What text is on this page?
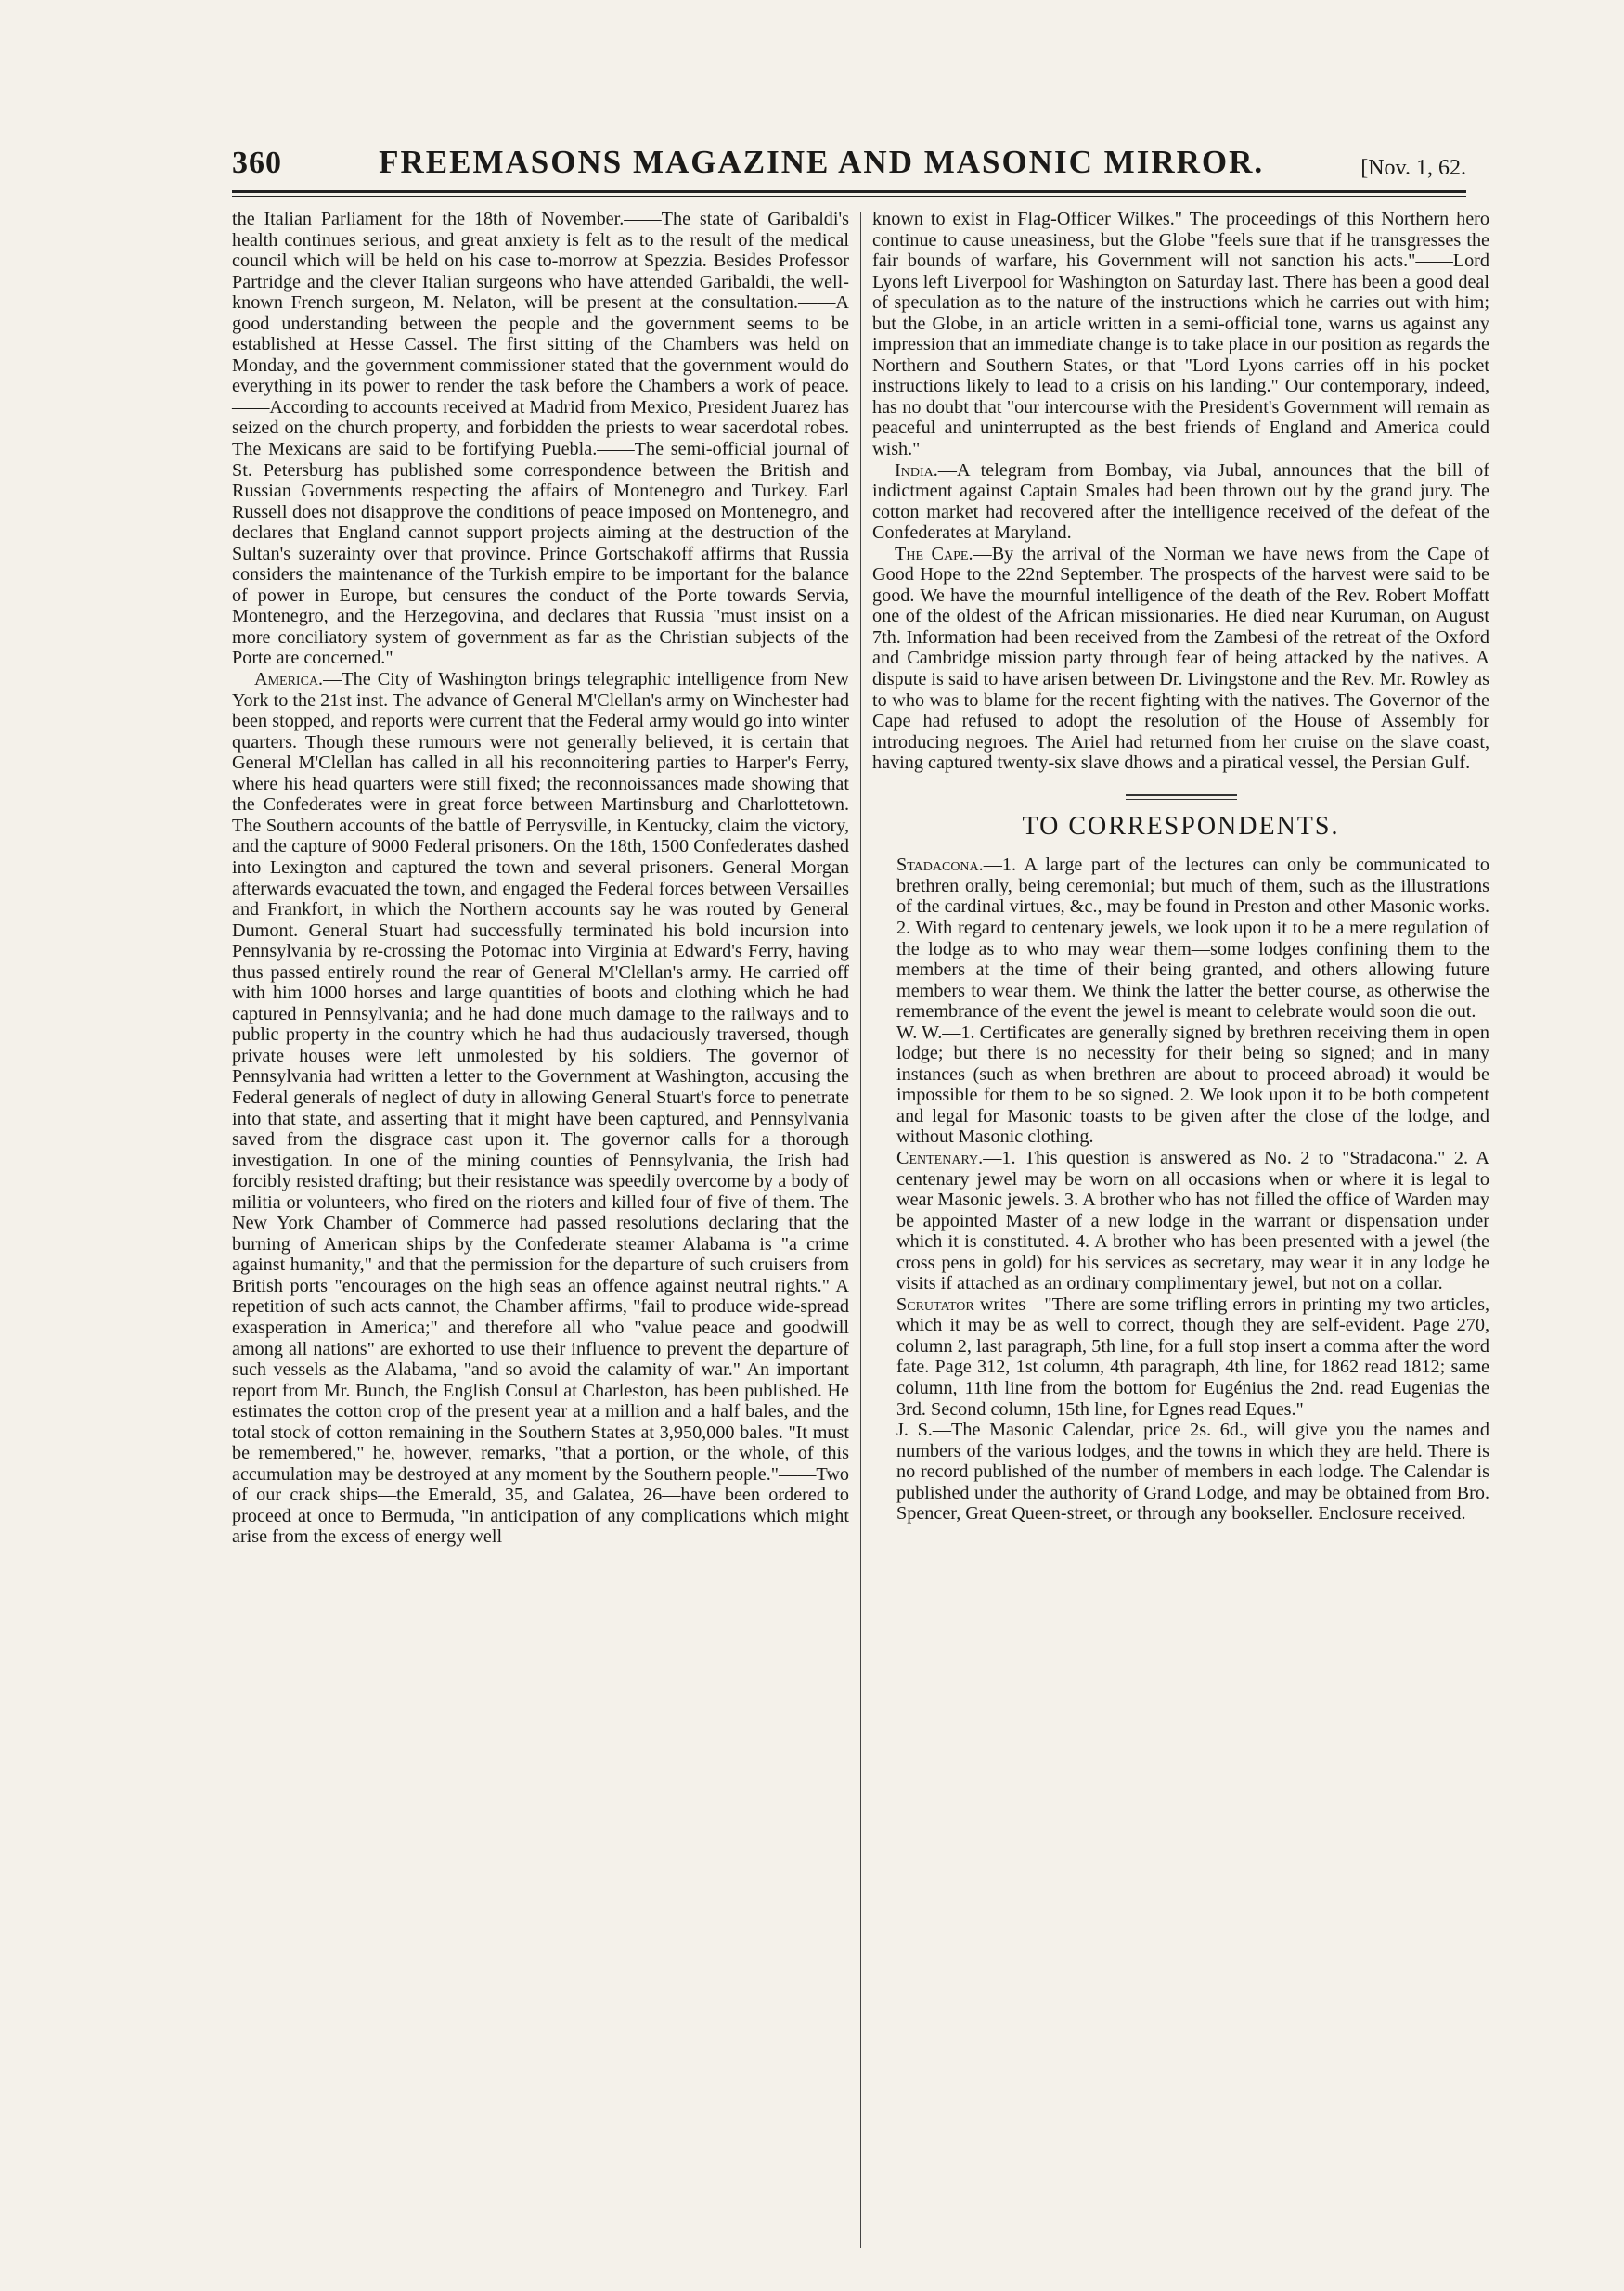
360	FREEMASONS MAGAZINE AND MASONIC MIRROR.	[Nov. 1, 62.

the Italian Parliament for the 18th of November.——The state of Garibaldi's health continues serious, and great anxiety is felt as to the result of the medical council which will be held on his case to-morrow at Spezzia. Besides Professor Partridge and the clever Italian surgeons who have attended Garibaldi, the well-known French surgeon, M. Nelaton, will be present at the consultation.——A good understanding between the people and the government seems to be established at Hesse Cassel. The first sitting of the Chambers was held on Monday, and the government commissioner stated that the government would do everything in its power to render the task before the Chambers a work of peace.——According to accounts received at Madrid from Mexico, President Juarez has seized on the church property, and forbidden the priests to wear sacerdotal robes. The Mexicans are said to be fortifying Puebla.——The semi-official journal of St. Petersburg has published some correspondence between the British and Russian Governments respecting the affairs of Montenegro and Turkey. Earl Russell does not disapprove the conditions of peace imposed on Montenegro, and declares that England cannot support projects aiming at the destruction of the Sultan's suzerainty over that province. Prince Gortschakoff affirms that Russia considers the maintenance of the Turkish empire to be important for the balance of power in Europe, but censures the conduct of the Porte towards Servia, Montenegro, and the Herzegovina, and declares that Russia "must insist on a more conciliatory system of government as far as the Christian subjects of the Porte are concerned."

America.—The City of Washington brings telegraphic intelligence from New York to the 21st inst. The advance of General M'Clellan's army on Winchester had been stopped, and reports were current that the Federal army would go into winter quarters. Though these rumours were not generally believed, it is certain that General M'Clellan has called in all his reconnoitering parties to Harper's Ferry, where his head quarters were still fixed; the reconnoissances made showing that the Confederates were in great force between Martinsburg and Charlottetown. The Southern accounts of the battle of Perrysville, in Kentucky, claim the victory, and the capture of 9000 Federal prisoners. On the 18th, 1500 Confederates dashed into Lexington and captured the town and several prisoners. General Morgan afterwards evacuated the town, and engaged the Federal forces between Versailles and Frankfort, in which the Northern accounts say he was routed by General Dumont. General Stuart had successfully terminated his bold incursion into Pennsylvania by re-crossing the Potomac into Virginia at Edward's Ferry, having thus passed entirely round the rear of General M'Clellan's army. He carried off with him 1000 horses and large quantities of boots and clothing which he had captured in Pennsylvania; and he had done much damage to the railways and to public property in the country which he had thus audaciously traversed, though private houses were left unmolested by his soldiers. The governor of Pennsylvania had written a letter to the Government at Washington, accusing the Federal generals of neglect of duty in allowing General Stuart's force to penetrate into that state, and asserting that it might have been captured, and Pennsylvania saved from the disgrace cast upon it. The governor calls for a thorough investigation. In one of the mining counties of Pennsylvania, the Irish had forcibly resisted drafting; but their resistance was speedily overcome by a body of militia or volunteers, who fired on the rioters and killed four of five of them. The New York Chamber of Commerce had passed resolutions declaring that the burning of American ships by the Confederate steamer Alabama is "a crime against humanity," and that the permission for the departure of such cruisers from British ports "encourages on the high seas an offence against neutral rights." A repetition of such acts cannot, the Chamber affirms, "fail to produce wide-spread exasperation in America;" and therefore all who "value peace and goodwill among all nations" are exhorted to use their influence to prevent the departure of such vessels as the Alabama, "and so avoid the calamity of war." An important report from Mr. Bunch, the English Consul at Charleston, has been published. He estimates the cotton crop of the present year at a million and a half bales, and the total stock of cotton remaining in the Southern States at 3,950,000 bales. "It must be remembered," he, however, remarks, "that a portion, or the whole, of this accumulation may be destroyed at any moment by the Southern people."——Two of our crack ships—the Emerald, 35, and Galatea, 26—have been ordered to proceed at once to Bermuda, "in anticipation of any complications which might arise from the excess of energy well

known to exist in Flag-Officer Wilkes." The proceedings of this Northern hero continue to cause uneasiness, but the Globe "feels sure that if he transgresses the fair bounds of warfare, his Government will not sanction his acts."——Lord Lyons left Liverpool for Washington on Saturday last. There has been a good deal of speculation as to the nature of the instructions which he carries out with him; but the Globe, in an article written in a semi-official tone, warns us against any impression that an immediate change is to take place in our position as regards the Northern and Southern States, or that "Lord Lyons carries off in his pocket instructions likely to lead to a crisis on his landing." Our contemporary, indeed, has no doubt that "our intercourse with the President's Government will remain as peaceful and uninterrupted as the best friends of England and America could wish."

India.—A telegram from Bombay, via Jubal, announces that the bill of indictment against Captain Smales had been thrown out by the grand jury. The cotton market had recovered after the intelligence received of the defeat of the Confederates at Maryland.

The Cape.—By the arrival of the Norman we have news from the Cape of Good Hope to the 22nd September. The prospects of the harvest were said to be good. We have the mournful intelligence of the death of the Rev. Robert Moffatt one of the oldest of the African missionaries. He died near Kuruman, on August 7th. Information had been received from the Zambesi of the retreat of the Oxford and Cambridge mission party through fear of being attacked by the natives. A dispute is said to have arisen between Dr. Livingstone and the Rev. Mr. Rowley as to who was to blame for the recent fighting with the natives. The Governor of the Cape had refused to adopt the resolution of the House of Assembly for introducing negroes. The Ariel had returned from her cruise on the slave coast, having captured twenty-six slave dhows and a piratical vessel, the Persian Gulf.

TO CORRESPONDENTS.

Stadacona.—1. A large part of the lectures can only be communicated to brethren orally, being ceremonial; but much of them, such as the illustrations of the cardinal virtues, &c., may be found in Preston and other Masonic works. 2. With regard to centenary jewels, we look upon it to be a mere regulation of the lodge as to who may wear them—some lodges confining them to the members at the time of their being granted, and others allowing future members to wear them. We think the latter the better course, as otherwise the remembrance of the event the jewel is meant to celebrate would soon die out.

W. W.—1. Certificates are generally signed by brethren receiving them in open lodge; but there is no necessity for their being so signed; and in many instances (such as when brethren are about to proceed abroad) it would be impossible for them to be so signed. 2. We look upon it to be both competent and legal for Masonic toasts to be given after the close of the lodge, and without Masonic clothing.

Centenary.—1. This question is answered as No. 2 to "Stradacona." 2. A centenary jewel may be worn on all occasions when or where it is legal to wear Masonic jewels. 3. A brother who has not filled the office of Warden may be appointed Master of a new lodge in the warrant or dispensation under which it is constituted. 4. A brother who has been presented with a jewel (the cross pens in gold) for his services as secretary, may wear it in any lodge he visits if attached as an ordinary complimentary jewel, but not on a collar.

Scrutator writes—"There are some trifling errors in printing my two articles, which it may be as well to correct, though they are self-evident. Page 270, column 2, last paragraph, 5th line, for a full stop insert a comma after the word fate. Page 312, 1st column, 4th paragraph, 4th line, for 1862 read 1812; same column, 11th line from the bottom for Eugénius the 2nd. read Eugenias the 3rd. Second column, 15th line, for Egnes read Eques."

J. S.—The Masonic Calendar, price 2s. 6d., will give you the names and numbers of the various lodges, and the towns in which they are held. There is no record published of the number of members in each lodge. The Calendar is published under the authority of Grand Lodge, and may be obtained from Bro. Spencer, Great Queen-street, or through any bookseller. Enclosure received.
